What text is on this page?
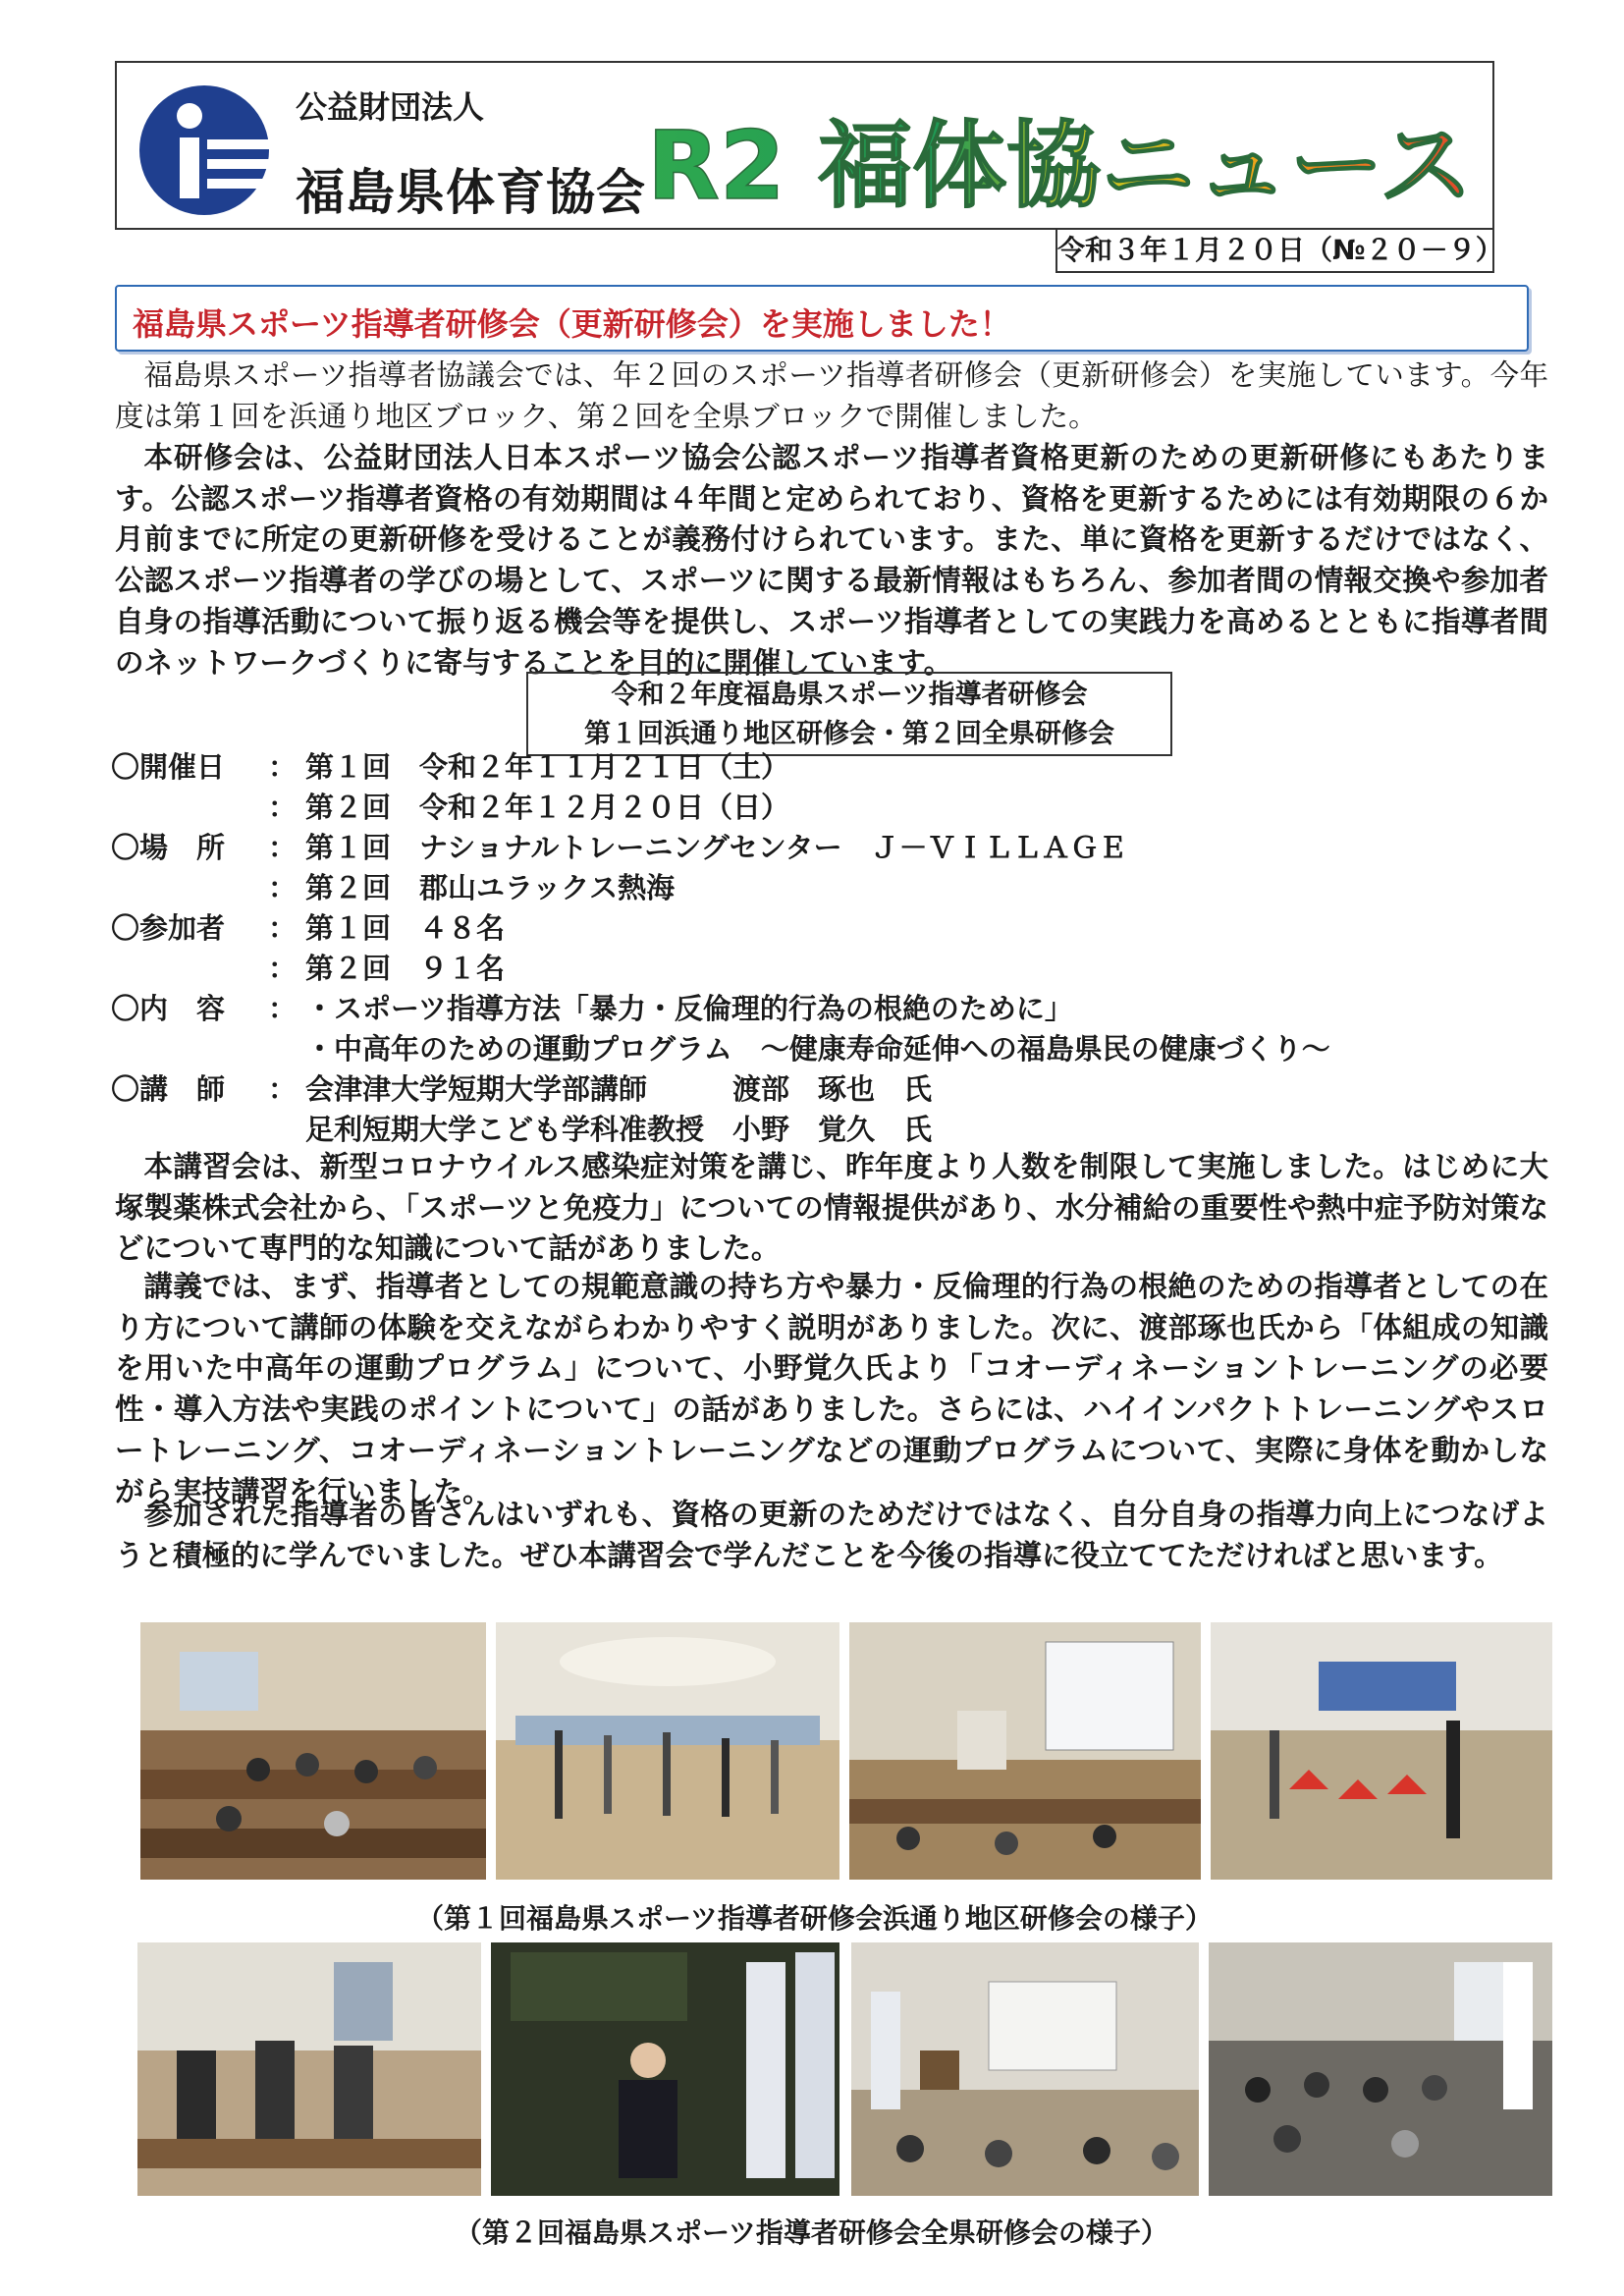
公益財団法人
福島県体育協会 R2 福体協ニュース
令和３年１月２０日（№２０－９）
福島県スポーツ指導者研修会（更新研修会）を実施しました！

福島県スポーツ指導者協議会では、年２回のスポーツ指導者研修会（更新研修会）を実施しています。今年度は第１回を浜通り地区ブロック、第２回を全県ブロックで開催しました。

本研修会は、公益財団法人日本スポーツ協会公認スポーツ指導者資格更新のための更新研修にもあたります。公認スポーツ指導者資格の有効期間は４年間と定められており、資格を更新するためには有効期限の６か月前までに所定の更新研修を受けることが義務付けられています。また、単に資格を更新するだけではなく、公認スポーツ指導者の学びの場として、スポーツに関する最新情報はもちろん、参加者間の情報交換や参加者自身の指導活動について振り返る機会等を提供し、スポーツ指導者としての実践力を高めるとともに指導者間のネットワークづくりに寄与することを目的に開催しています。

令和２年度福島県スポーツ指導者研修会
第１回浜通り地区研修会・第２回全県研修会
〇開催日 ： 第１回　令和２年１１月２１日（土）
： 第２回　令和２年１２月２０日（日）
〇場　所 ： 第１回　ナショナルトレーニングセンター　Ｊ－ＶＩＬＬＡＧＥ
： 第２回　郡山ユラックス熱海
〇参加者 ： 第１回　４８名
： 第２回　９１名
〇内　容 ： ・スポーツ指導方法「暴力・反倫理的行為の根絶のために」
・中高年のための運動プログラム　～健康寿命延伸への福島県民の健康づくり～
〇講　師 ： 会津津大学短期大学部講師　　　渡部　琢也　氏
足利短期大学こども学科准教授　小野　覚久　氏

本講習会は、新型コロナウイルス感染症対策を講じ、昨年度より人数を制限して実施しました。はじめに大塚製薬株式会社から、「スポーツと免疫力」についての情報提供があり、水分補給の重要性や熱中症予防対策などについて専門的な知識について話がありました。

講義では、まず、指導者としての規範意識の持ち方や暴力・反倫理的行為の根絶のための指導者としての在り方について講師の体験を交えながらわかりやすく説明がありました。次に、渡部琢也氏から「体組成の知識を用いた中高年の運動プログラム」について、小野覚久氏より「コオーディネーショントレーニングの必要性・導入方法や実践のポイントについて」の話がありました。さらには、ハイインパクトトレーニングやスロートレーニング、コオーディネーショントレーニングなどの運動プログラムについて、実際に身体を動かしながら実技講習を行いました。

参加された指導者の皆さんはいずれも、資格の更新のためだけではなく、自分自身の指導力向上につなげようと積極的に学んでいました。ぜひ本講習会で学んだことを今後の指導に役立ててただければと思います。

（第１回福島県スポーツ指導者研修会浜通り地区研修会の様子）
（第２回福島県スポーツ指導者研修会全県研修会の様子）
